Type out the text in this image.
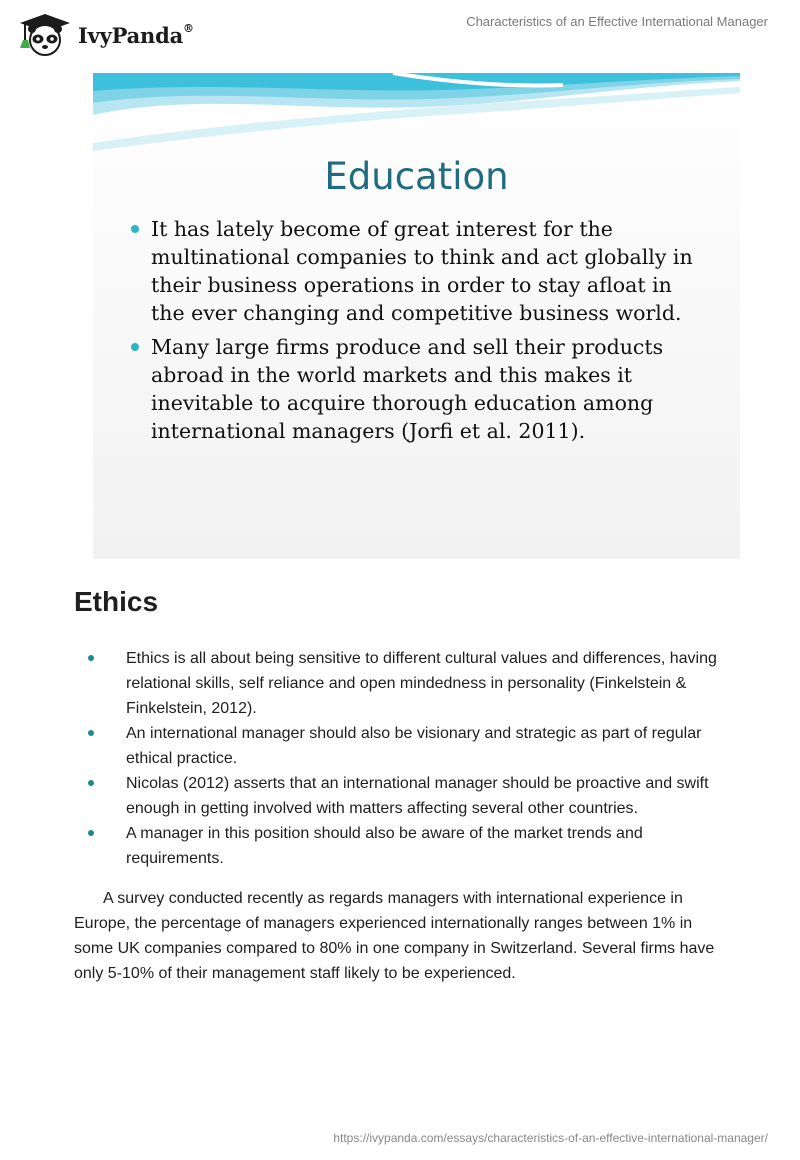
IvyPanda®	Characteristics of an Effective International Manager
Education
It has lately become of great interest for the multinational companies to think and act globally in their business operations in order to stay afloat in the ever changing and competitive business world.
Many large firms produce and sell their products abroad in the world markets and this makes it inevitable to acquire thorough education among international managers (Jorfi et al. 2011).
Ethics
Ethics is all about being sensitive to different cultural values and differences, having relational skills, self reliance and open mindedness in personality (Finkelstein & Finkelstein, 2012).
An international manager should also be visionary and strategic as part of regular ethical practice.
Nicolas (2012) asserts that an international manager should be proactive and swift enough in getting involved with matters affecting several other countries.
A manager in this position should also be aware of the market trends and requirements.

A survey conducted recently as regards managers with international experience in Europe, the percentage of managers experienced internationally ranges between 1% in some UK companies compared to 80% in one company in Switzerland. Several firms have only 5-10% of their management staff likely to be experienced.

https://ivypanda.com/essays/characteristics-of-an-effective-international-manager/
